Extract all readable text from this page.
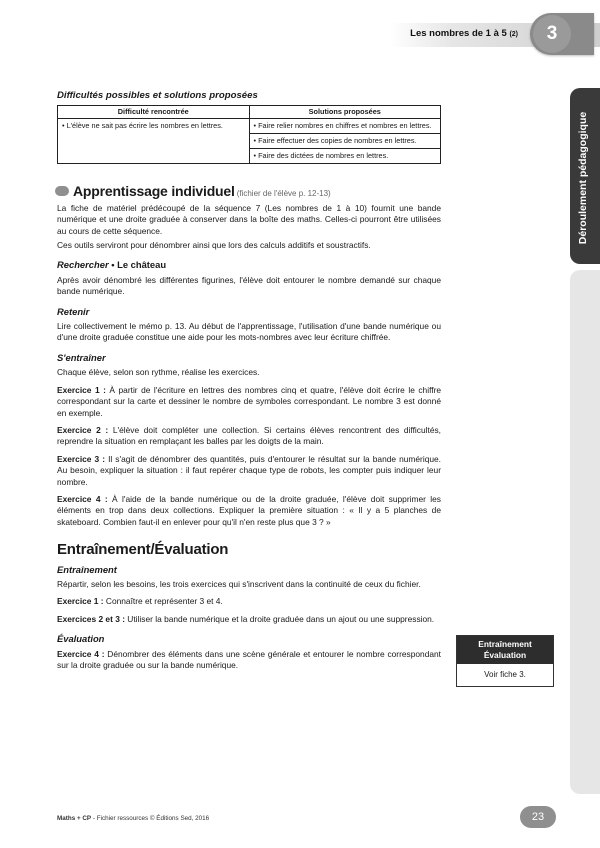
Les nombres de 1 à 5 (2)	3
Déroulement pédagogique
Difficultés possibles et solutions proposées
Difficulté rencontrée	Solutions proposées
• L'élève ne sait pas écrire les nombres en lettres.	• Faire relier nombres en chiffres et nombres en lettres.
• Faire effectuer des copies de nombres en lettres.
• Faire des dictées de nombres en lettres.
Apprentissage individuel (fichier de l'élève p. 12-13)

La fiche de matériel prédécoupé de la séquence 7 (Les nombres de 1 à 10) fournit une bande numérique et une droite graduée à conserver dans la boîte des maths. Celles-ci pourront être utilisées au cours de cette séquence.

Ces outils serviront pour dénombrer ainsi que lors des calculs additifs et soustractifs.

Rechercher • Le château

Après avoir dénombré les différentes figurines, l'élève doit entourer le nombre demandé sur chaque bande numérique.

Retenir

Lire collectivement le mémo p. 13. Au début de l'apprentissage, l'utilisation d'une bande numérique ou d'une droite graduée constitue une aide pour les mots-nombres avec leur écriture chiffrée.

S'entraîner

Chaque élève, selon son rythme, réalise les exercices.

Exercice 1 : À partir de l'écriture en lettres des nombres cinq et quatre, l'élève doit écrire le chiffre correspondant sur la carte et dessiner le nombre de symboles correspondant. Le nombre 3 est donné en exemple.

Exercice 2 : L'élève doit compléter une collection. Si certains élèves rencontrent des difficultés, reprendre la situation en remplaçant les balles par les doigts de la main.

Exercice 3 : Il s'agit de dénombrer des quantités, puis d'entourer le résultat sur la bande numérique. Au besoin, expliquer la situation : il faut repérer chaque type de robots, les compter puis indiquer leur nombre.

Exercice 4 : À l'aide de la bande numérique ou de la droite graduée, l'élève doit supprimer les éléments en trop dans deux collections. Expliquer la première situation : « Il y a 5 planches de skateboard. Combien faut-il en enlever pour qu'il n'en reste plus que 3 ? »

Entraînement/Évaluation
Entraînement

Répartir, selon les besoins, les trois exercices qui s'inscrivent dans la continuité de ceux du fichier.

Exercice 1 : Connaître et représenter 3 et 4.

Exercices 2 et 3 : Utiliser la bande numérique et la droite graduée dans un ajout ou une suppression.

Évaluation

Exercice 4 : Dénombrer des éléments dans une scène générale et entourer le nombre correspondant sur la droite graduée ou sur la bande numérique.

Entraînement
Évaluation
Voir fiche 3.
Maths + CP - Fichier ressources © Éditions Sed, 2016	23
